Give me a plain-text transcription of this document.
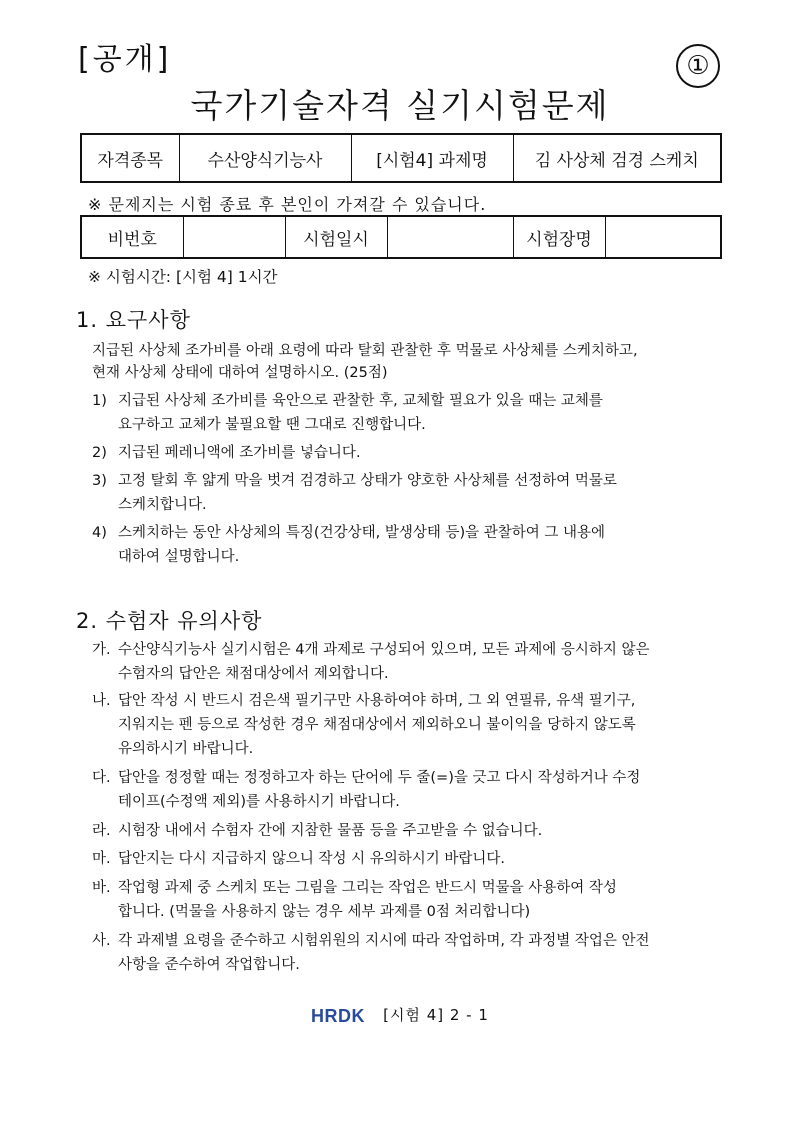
[공개]	①
국가기술자격 실기시험문제
자격종목	수산양식기능사	[시험4] 과제명	김 사상체 검경 스케치
※ 문제지는 시험 종료 후 본인이 가져갈 수 있습니다.
비번호		시험일시		시험장명	
※ 시험시간: [시험 4] 1시간
1. 요구사항
지급된 사상체 조가비를 아래 요령에 따라 탈회 관찰한 후 먹물로 사상체를 스케치하고,
현재 사상체 상태에 대하여 설명하시오. (25점)
1) 지급된 사상체 조가비를 육안으로 관찰한 후, 교체할 필요가 있을 때는 교체를
요구하고 교체가 불필요할 땐 그대로 진행합니다.
2) 지급된 페레니액에 조가비를 넣습니다.
3) 고정 탈회 후 얇게 막을 벗겨 검경하고 상태가 양호한 사상체를 선정하여 먹물로
스케치합니다.
4) 스케치하는 동안 사상체의 특징(건강상태, 발생상태 등)을 관찰하여 그 내용에
대하여 설명합니다.
2. 수험자 유의사항
가. 수산양식기능사 실기시험은 4개 과제로 구성되어 있으며, 모든 과제에 응시하지 않은
수험자의 답안은 채점대상에서 제외합니다.
나. 답안 작성 시 반드시 검은색 필기구만 사용하여야 하며, 그 외 연필류, 유색 필기구,
지워지는 펜 등으로 작성한 경우 채점대상에서 제외하오니 불이익을 당하지 않도록
유의하시기 바랍니다.
다. 답안을 정정할 때는 정정하고자 하는 단어에 두 줄(=)을 긋고 다시 작성하거나 수정
테이프(수정액 제외)를 사용하시기 바랍니다.
라. 시험장 내에서 수험자 간에 지참한 물품 등을 주고받을 수 없습니다.
마. 답안지는 다시 지급하지 않으니 작성 시 유의하시기 바랍니다.
바. 작업형 과제 중 스케치 또는 그림을 그리는 작업은 반드시 먹물을 사용하여 작성
합니다. (먹물을 사용하지 않는 경우 세부 과제를 0점 처리합니다)
사. 각 과제별 요령을 준수하고 시험위원의 지시에 따라 작업하며, 각 과정별 작업은 안전
사항을 준수하여 작업합니다.
HRDK [시험 4] 2 - 1
